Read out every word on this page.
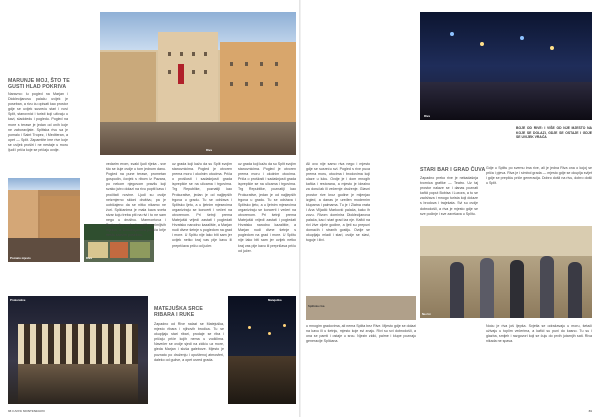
MARUNJE MOJ, ŠTO TE GUSTI HLAD POKRIVA
Naravno: lu pogled na Marjan i Dioklecijanovu palaču uvijek je poseban, a rivu ću opisati kao prostor gdje se uvijek susreću stari i novi Split, stanovnici i turisti koji uživaju u kavi, sladoledu i pogledu. Pogled na more s terase je jedan od onih koje ne zaboravljate. Splitska rivu sa je pomalo i Saint Tropez, i Mediteran, a opet — Split. Zapamtite ime rive koje se uvijek proširi i ne nestaje u moru ljudi i priča koje se pričaju ovdje.	Riva
Poznato mjesto	Riva
vedarim erom, svaki ljudi rijeka - sve što se čuje ovdje u tom jednom danu. Pogled na pune terase, prometan gospodin, čovjek s ribom iz Pazara, po nekom njegovom pravilu koji svako jutro dolazi na rivu popiti kavu i pročitati novine. Ljudi su ovdje neizmjerno skloni društvu, pa je uobičajeno da se nitko nikamo ne žuri. Splićanima je mala kava sveta stvar koju treba piti na rivi i to ne sam nego u društvu. Marmontova i Prokurative vode do nekih zanimljivih mjesta, a Dioklecijanova palača krije nešto sasvim posebno.
uz grada koji kažu da su Split svojim stanovnicima. Pogled je otvoren prema moru i okolnim otocima. Priča o prošlosti i sadašnjosti grada isprepliće se na ulicama i trgovima. Trg Republike, poznatiji kao Prokurative, jedan je od najljepših trgova u gradu. Tu se održava i Splitsko ljeto, a u ljetnim mjesecima organiziraju se koncerti i večeri na otvorenom. Pri šetnji prema Matejuški vrijedi zastati i pogledati Hrvatsko narodno kazalište, a Marjan nudi divne šetnje s pogledom na grad i more. U Splitu nije lako biti sam jer uvijek netko kraj vas pije kavu ili prepričava priču od jučer.
uz grada koji kažu da su Split svojim stanovnicima. Pogled je otvoren prema moru i okolnim otocima. Priča o prošlosti i sadašnjosti grada isprepliće se na ulicama i trgovima. Trg Republike, poznatiji kao Prokurative, jedan je od najljepših trgova u gradu. Tu se održava i Splitsko ljeto, a u ljetnim mjesecima organiziraju se koncerti i večeri na otvorenom. Pri šetnji prema Matejuški vrijedi zastati i pogledati Hrvatsko narodno kazalište, a Marjan nudi divne šetnje s pogledom na grad i more. U Splitu nije lako biti sam jer uvijek netko kraj vas pije kavu ili prepričava priču od jučer.
Prokurative
MATEJUŠKA SRCE RIBARA I RUKE
Zapadno od Rive nalazi se Matejuška, mjesto ribara i njihovih brodica. Tu se okupljaju stari ribari, prodaje se riba i pričaju priče kojih nema u vodičima. Navečer se ovdje sjedi na zidiću uz more, gleda Marjan i sluša galebove. Mjesto je poznato po druženju i opuštenoj atmosferi, daleko od gužve, a opet usred grada.
Matejuška
88 CAFFE MONTENEGRO
Riva
BOJE OD RIVE: I VIŠE OD NJE MJESTO NA KOJE SE DOLAZI, GDJE SE OSTAJE I GDJE SE UVIJEK VRAĆA
Ali ovo nije samo riva nego i mjesto gdje se susreću svi. Pogled s rive puca prema moru, otocima i brodovima koji ulaze u luku. Ovdje je i dom mnogih kafića i restorana, a mjesto je idealno za doručak ili večernje druženje. Glavni prostor rive kroz godine je mijenjao izgled, a danas je uređen modernim klupama i palmama. Tu je i Zlatna vrata i Ana Viljadić Marković palača, kako ih zovu. Rivom dominira Dioklecijanova palača, kao i stari grad iza nje. Kafići na rivi žive cijele godine, a ljeti su prepuni domaćih i stranih gostiju. Ovdje se okupljaju mladi i stari, ovdje se slavi, tuguje i živi.
STARI BAR I GRAD ČUVA
Zapadno preko rive je nekadašnja tvornica grafike — Teatro. Uz taj prostor nalaze se i danas poznati kafići poput Bobisa i Luxora, a tu se zadržava i mnogo turista koji dolaze s brodova i trajekata. Svi su ovdje dobrodošli, a riva je mjesto gdje se sve počinje i sve završava u Splitu.
Gdje u Splitu po svemu ima rive, ali je jedna Riva ona o kojoj se priča i pjeva. Riva je i simbol grada — mjesto gdje se okuplja svijet i gdje se prepliću priče generacija. Dobro došli na rivu, dobro došli u Split.
Na rivi
Splitska riva
u mnogim gradovima, ali nema Splita bez Rive. Mjesto gdje se dolazi na kavu ili u šetnju, mjesto koje svi znaju. Rivi su svi dobrodošli, a ona se pamti i ostaje u srcu. Njezin zidić, palme i klupe poznaju generacije Splićana.
Noću je riva još ljepša. Svjetla se odražavaju u moru, šetači uživaju u toplim večerima, a kafići su puni do kasno. Tu su i glazba, smijeh i razgovori koji se čuju do prvih jutarnjih sati. Riva nikada ne spava.
89
